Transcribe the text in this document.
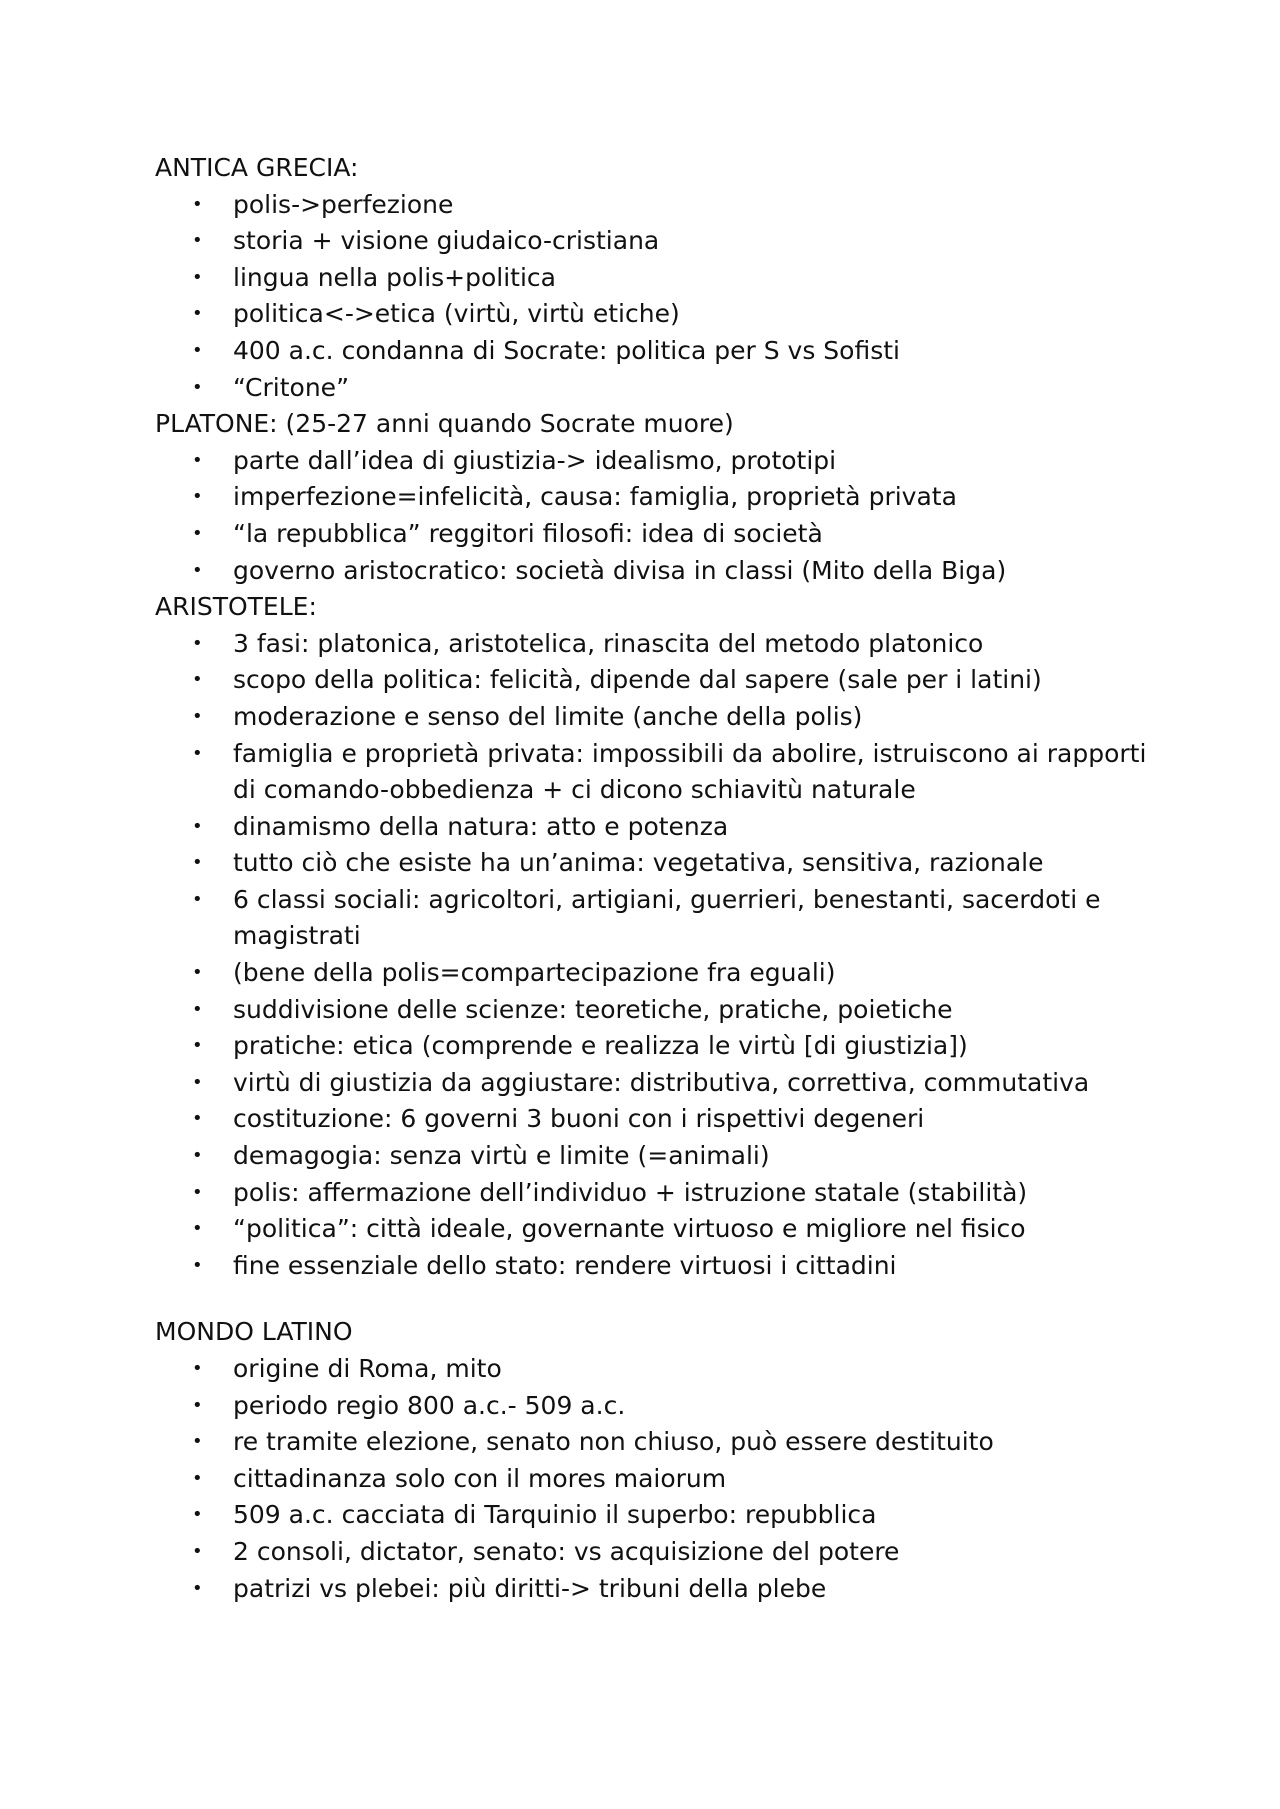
ANTICA GRECIA:

• polis->perfezione
• storia + visione giudaico-cristiana
• lingua nella polis+politica
• politica<->etica (virtù, virtù etiche)
• 400 a.c. condanna di Socrate: politica per S vs Sofisti
• “Critone”

PLATONE: (25-27 anni quando Socrate muore)

• parte dall’idea di giustizia-> idealismo, prototipi
• imperfezione=infelicità, causa: famiglia, proprietà privata
• “la repubblica” reggitori filosofi: idea di società
• governo aristocratico: società divisa in classi (Mito della Biga)

ARISTOTELE:

• 3 fasi: platonica, aristotelica, rinascita del metodo platonico
• scopo della politica: felicità, dipende dal sapere (sale per i latini)
• moderazione e senso del limite (anche della polis)
• famiglia e proprietà privata: impossibili da abolire, istruiscono ai rapporti di comando-obbedienza + ci dicono schiavitù naturale
• dinamismo della natura: atto e potenza
• tutto ciò che esiste ha un’anima: vegetativa, sensitiva, razionale
• 6 classi sociali: agricoltori, artigiani, guerrieri, benestanti, sacerdoti e magistrati
• (bene della polis=compartecipazione fra eguali)
• suddivisione delle scienze: teoretiche, pratiche, poietiche
• pratiche: etica (comprende e realizza le virtù [di giustizia])
• virtù di giustizia da aggiustare: distributiva, correttiva, commutativa
• costituzione: 6 governi 3 buoni con i rispettivi degeneri
• demagogia: senza virtù e limite (=animali)
• polis: affermazione dell’individuo + istruzione statale (stabilità)
• “politica”: città ideale, governante virtuoso e migliore nel fisico
• fine essenziale dello stato: rendere virtuosi i cittadini

MONDO LATINO

• origine di Roma, mito
• periodo regio 800 a.c.- 509 a.c.
• re tramite elezione, senato non chiuso, può essere destituito
• cittadinanza solo con il mores maiorum
• 509 a.c. cacciata di Tarquinio il superbo: repubblica
• 2 consoli, dictator, senato: vs acquisizione del potere
• patrizi vs plebei: più diritti-> tribuni della plebe
